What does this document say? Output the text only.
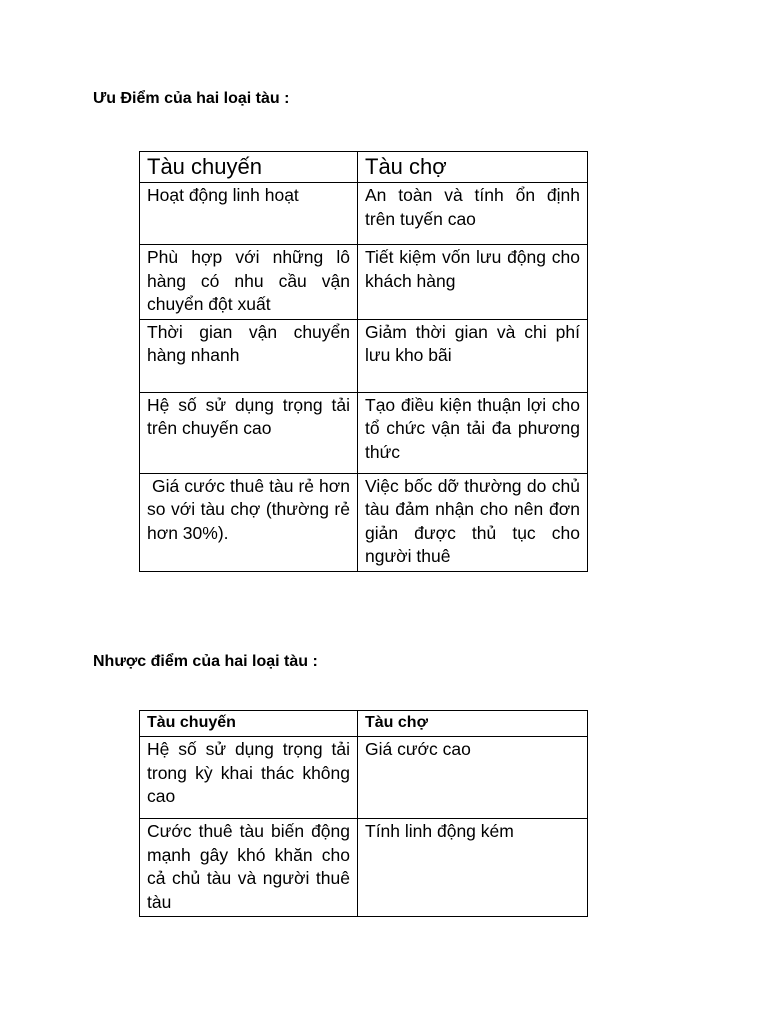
Ưu Điểm của hai loại tàu :
Tàu chuyến	Tàu chợ
Hoạt động linh hoạt	An toàn và tính ổn định trên tuyến cao
Phù hợp với những lô hàng có nhu cầu vận chuyển đột xuất	Tiết kiệm vốn lưu động cho khách hàng
Thời gian vận chuyển hàng nhanh	Giảm thời gian và chi phí lưu kho bãi
Hệ số sử dụng trọng tải trên chuyến cao	Tạo điều kiện thuận lợi cho tổ chức vận tải đa phương thức
Giá cước thuê tàu rẻ hơn so với tàu chợ (thường rẻ hơn 30%).	Việc bốc dỡ thường do chủ tàu đảm nhận cho nên đơn giản được thủ tục cho người thuê
Nhược điểm của hai loại tàu :
Tàu chuyến	Tàu chợ
Hệ số sử dụng trọng tải trong kỳ khai thác không cao	Giá cước cao
Cước thuê tàu biến động mạnh gây khó khăn cho cả chủ tàu và người thuê tàu	Tính linh động kém
